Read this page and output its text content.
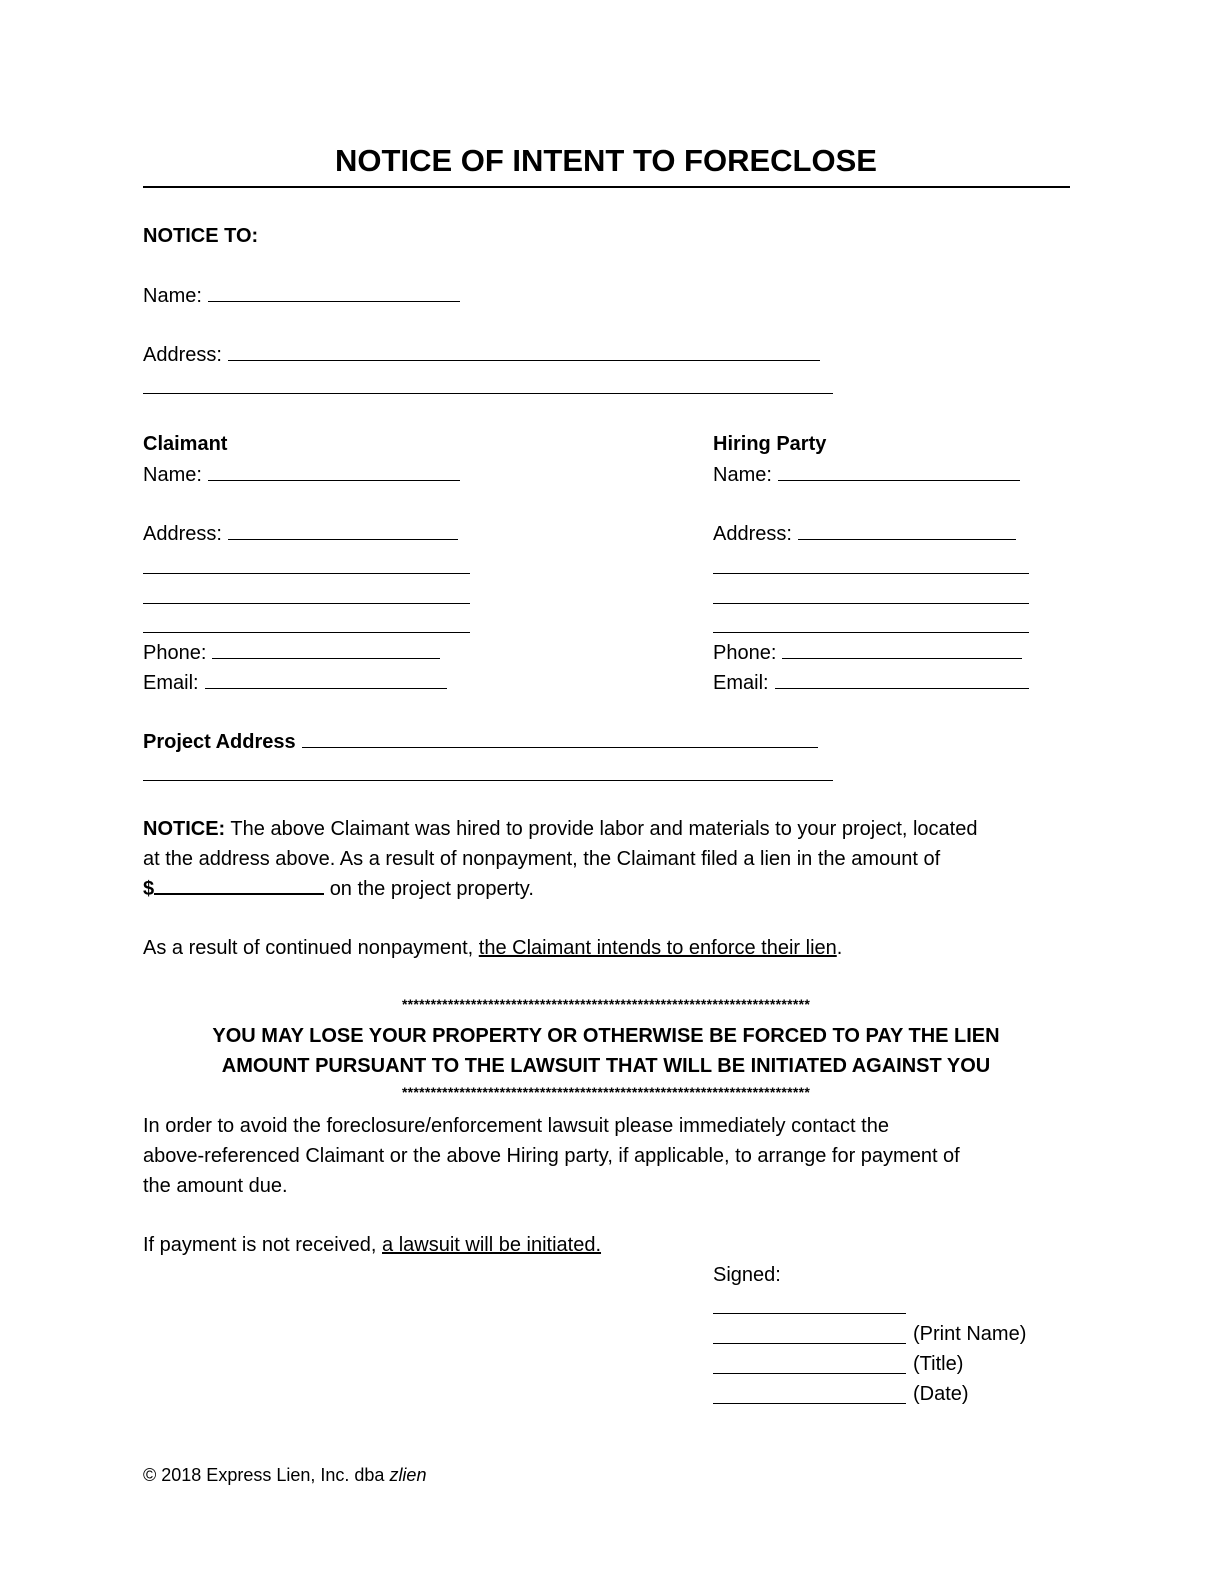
NOTICE OF INTENT TO FORECLOSE
NOTICE TO:
Name:
Address:
Claimant
Name:
Address:
Phone:
Email:
Hiring Party
Name:
Address:
Phone:
Email:
Project Address
NOTICE: The above Claimant was hired to provide labor and materials to your project, located
at the address above. As a result of nonpayment, the Claimant filed a lien in the amount of
$	on the project property.
As a result of continued nonpayment, the Claimant intends to enforce their lien.
***********************************************************************
YOU MAY LOSE YOUR PROPERTY OR OTHERWISE BE FORCED TO PAY THE LIEN
AMOUNT PURSUANT TO THE LAWSUIT THAT WILL BE INITIATED AGAINST YOU
***********************************************************************
In order to avoid the foreclosure/enforcement lawsuit please immediately contact the
above-referenced Claimant or the above Hiring party, if applicable, to arrange for payment of
the amount due.
If payment is not received, a lawsuit will be initiated.
Signed:
(Print Name)
(Title)
(Date)
© 2018 Express Lien, Inc. dba zlien
